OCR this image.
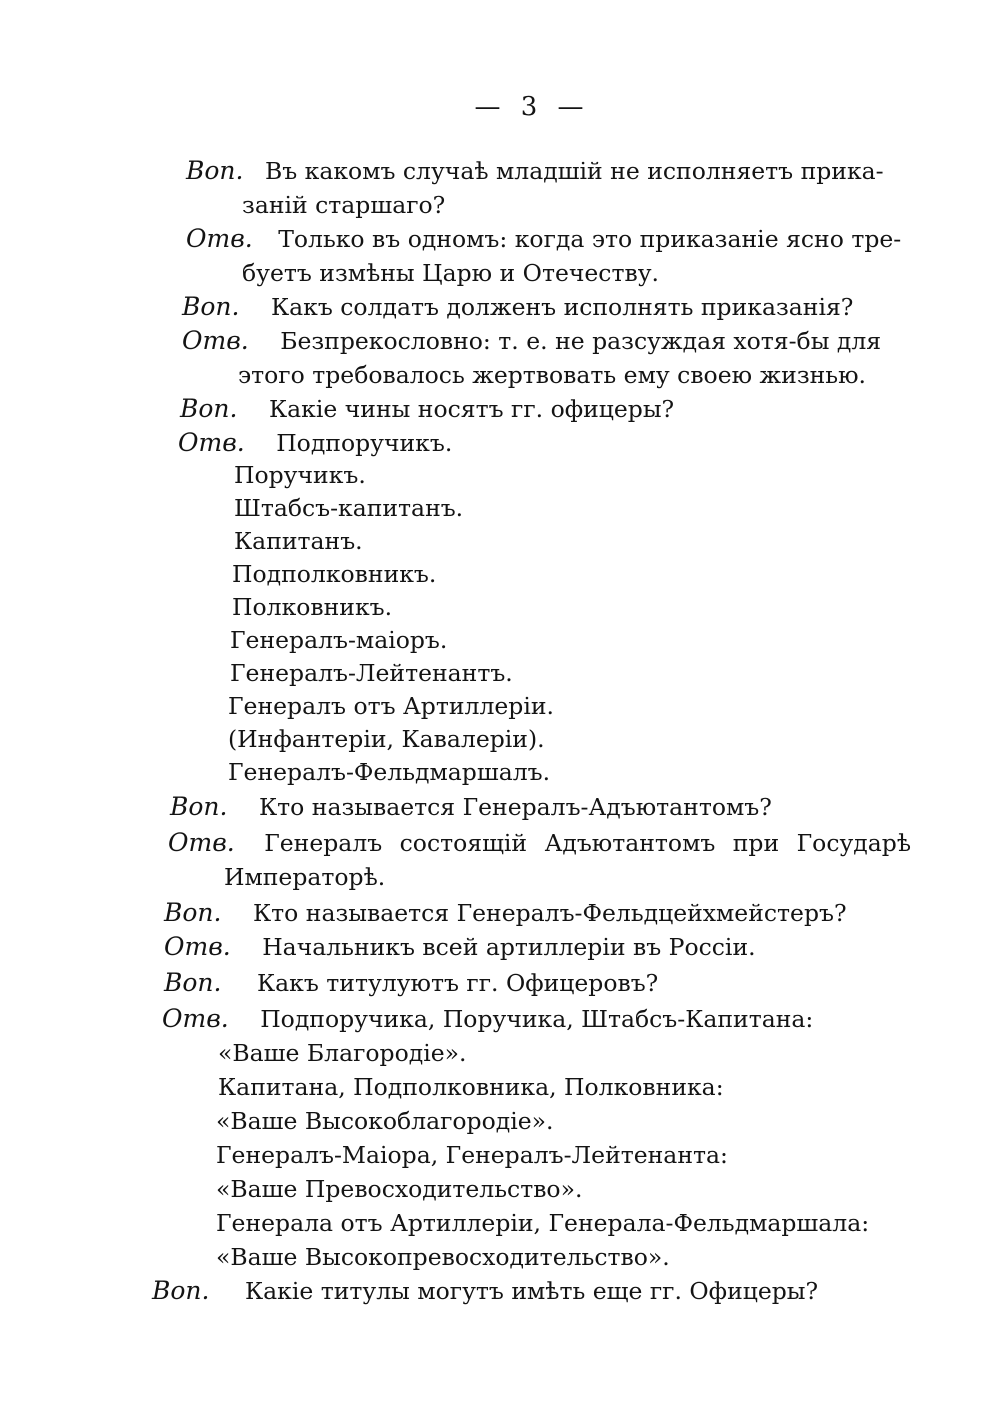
— 3 —
Воп. Въ какомъ случаѣ младшій не исполняетъ прика-
заній старшаго?
Отв. Только въ одномъ: когда это приказаніе ясно тре-
буетъ измѣны Царю и Отечеству.
Воп. Какъ солдатъ долженъ исполнять приказанія?
Отв. Безпрекословно: т. е. не разсуждая хотя-бы для
этого требовалось жертвовать ему своею жизнью.
Воп. Какіе чины носятъ гг. офицеры?
Отв. Подпоручикъ.
Поручикъ.
Штабсъ-капитанъ.
Капитанъ.
Подполковникъ.
Полковникъ.
Генералъ-маіоръ.
Генералъ-Лейтенантъ.
Генералъ отъ Артиллеріи.
(Инфантеріи, Кавалеріи).
Генералъ-Фельдмаршалъ.
Воп. Кто называется Генералъ-Адъютантомъ?
Отв. Генералъ состоящій Адъютантомъ при Государѣ
Императорѣ.
Воп. Кто называется Генералъ-Фельдцейхмейстеръ?
Отв. Начальникъ всей артиллеріи въ Россіи.
Воп. Какъ титулуютъ гг. Офицеровъ?
Отв. Подпоручика, Поручика, Штабсъ-Капитана:
«Ваше Благородіе».
Капитана, Подполковника, Полковника:
«Ваше Высокоблагородіе».
Генералъ-Маіора, Генералъ-Лейтенанта:
«Ваше Превосходительство».
Генерала отъ Артиллеріи, Генерала-Фельдмаршала:
«Ваше Высокопревосходительство».
Воп. Какіе титулы могутъ имѣть еще гг. Офицеры?
